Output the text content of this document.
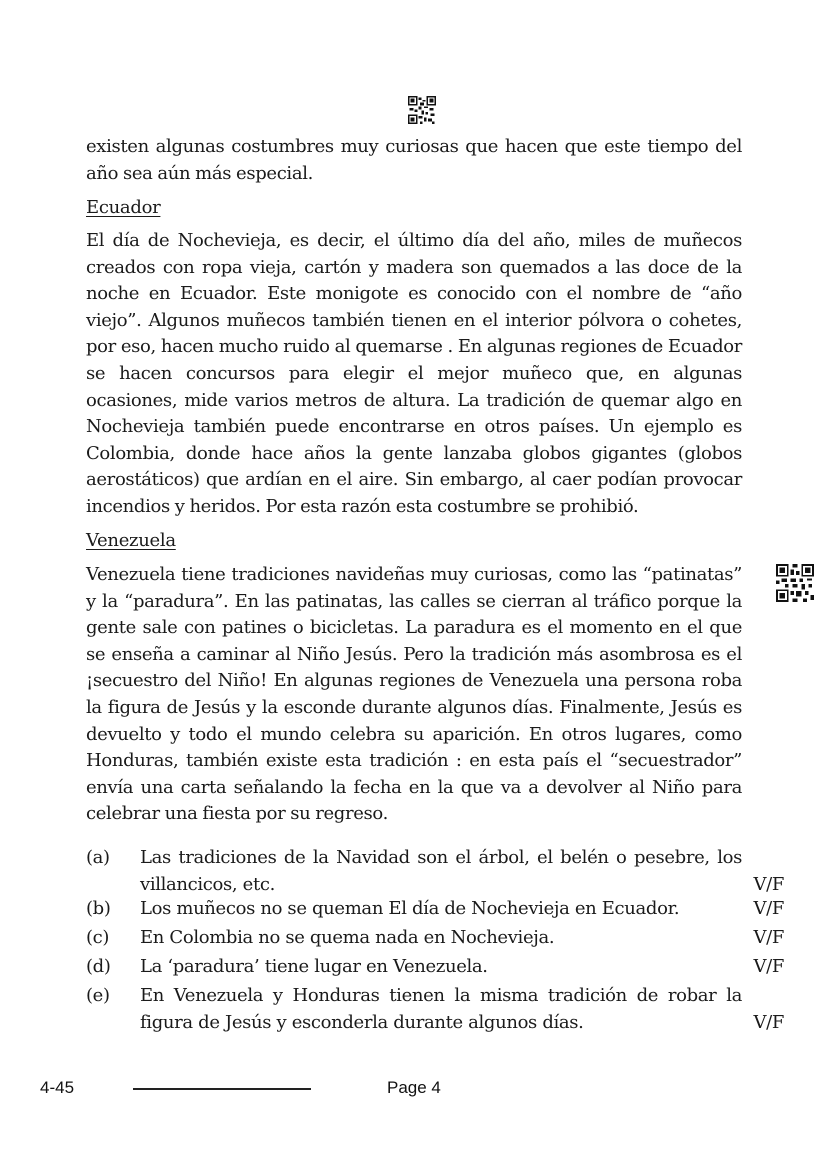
existen algunas costumbres muy curiosas que hacen que este tiempo del año sea aún más especial.

Ecuador

El día de Nochevieja, es decir, el último día del año, miles de muñecos creados con ropa vieja, cartón y madera son quemados a las doce de la noche en Ecuador. Este monigote es conocido con el nombre de “año viejo”. Algunos muñecos también tienen en el interior pólvora o cohetes, por eso, hacen mucho ruido al quemarse . En algunas regiones de Ecuador se hacen concursos para elegir el mejor muñeco que, en algunas ocasiones, mide varios metros de altura. La tradición de quemar algo en Nochevieja también puede encontrarse en otros países. Un ejemplo es Colombia, donde hace años la gente lanzaba globos gigantes (globos aerostáticos) que ardían en el aire. Sin embargo, al caer podían provocar incendios y heridos. Por esta razón esta costumbre se prohibió.

Venezuela

Venezuela tiene tradiciones navideñas muy curiosas, como las “patinatas” y la “paradura”. En las patinatas, las calles se cierran al tráfico porque la gente sale con patines o bicicletas. La paradura es el momento en el que se enseña a caminar al Niño Jesús. Pero la tradición más asombrosa es el ¡secuestro del Niño! En algunas regiones de Venezuela una persona roba la figura de Jesús y la esconde durante algunos días. Finalmente, Jesús es devuelto y todo el mundo celebra su aparición. En otros lugares, como Honduras, también existe esta tradición : en esta país el “secuestrador” envía una carta señalando la fecha en la que va a devolver al Niño para celebrar una fiesta por su regreso.

(a) Las tradiciones de la Navidad son el árbol, el belén o pesebre, los villancicos, etc.	V/F
(b) Los muñecos no se queman El día de Nochevieja en Ecuador.	V/F
(c) En Colombia no se quema nada en Nochevieja.	V/F
(d) La ‘paradura’ tiene lugar en Venezuela.	V/F
(e) En Venezuela y Honduras tienen la misma tradición de robar la figura de Jesús y esconderla durante algunos días.	V/F
4-45	Page 4
